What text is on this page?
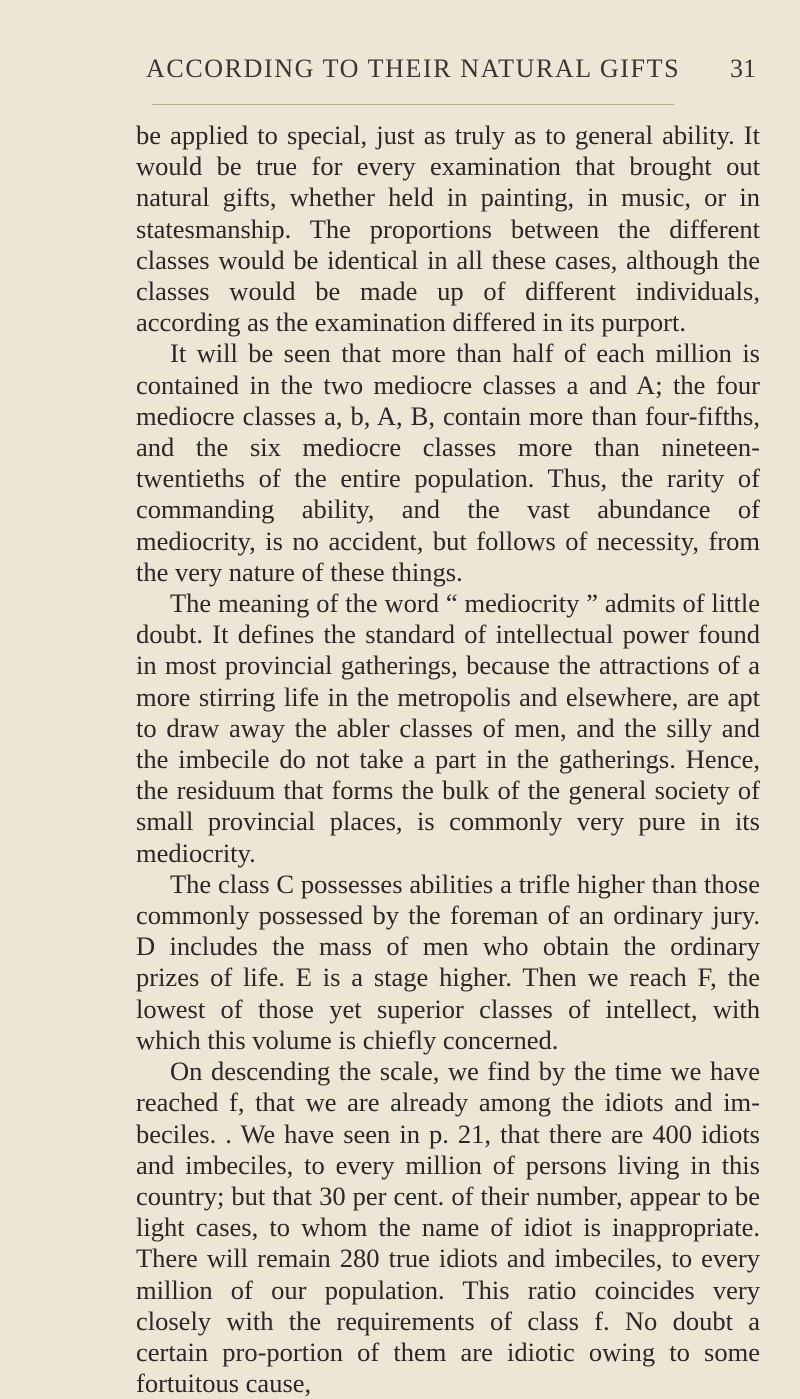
ACCORDING TO THEIR NATURAL GIFTS 31

be applied to special, just as truly as to general ability. It would be true for every examination that brought out natural gifts, whether held in painting, in music, or in statesmanship. The proportions between the different classes would be identical in all these cases, although the classes would be made up of different individuals, according as the examination differed in its purport.

It will be seen that more than half of each million is contained in the two mediocre classes a and A; the four mediocre classes a, b, A, B, contain more than four-fifths, and the six mediocre classes more than nineteen-twentieths of the entire population. Thus, the rarity of commanding ability, and the vast abundance of mediocrity, is no accident, but follows of necessity, from the very nature of these things.

The meaning of the word “ mediocrity ” admits of little doubt. It defines the standard of intellectual power found in most provincial gatherings, because the attractions of a more stirring life in the metropolis and elsewhere, are apt to draw away the abler classes of men, and the silly and the imbecile do not take a part in the gatherings. Hence, the residuum that forms the bulk of the general society of small provincial places, is commonly very pure in its mediocrity.

The class C possesses abilities a trifle higher than those commonly possessed by the foreman of an ordinary jury. D includes the mass of men who obtain the ordinary prizes of life. E is a stage higher. Then we reach F, the lowest of those yet superior classes of intellect, with which this volume is chiefly concerned.

On descending the scale, we find by the time we have reached f, that we are already among the idiots and im-beciles. . We have seen in p. 21, that there are 400 idiots and imbeciles, to every million of persons living in this country; but that 30 per cent. of their number, appear to be light cases, to whom the name of idiot is inappropriate. There will remain 280 true idiots and imbeciles, to every million of our population. This ratio coincides very closely with the requirements of class f. No doubt a certain pro-portion of them are idiotic owing to some fortuitous cause,
